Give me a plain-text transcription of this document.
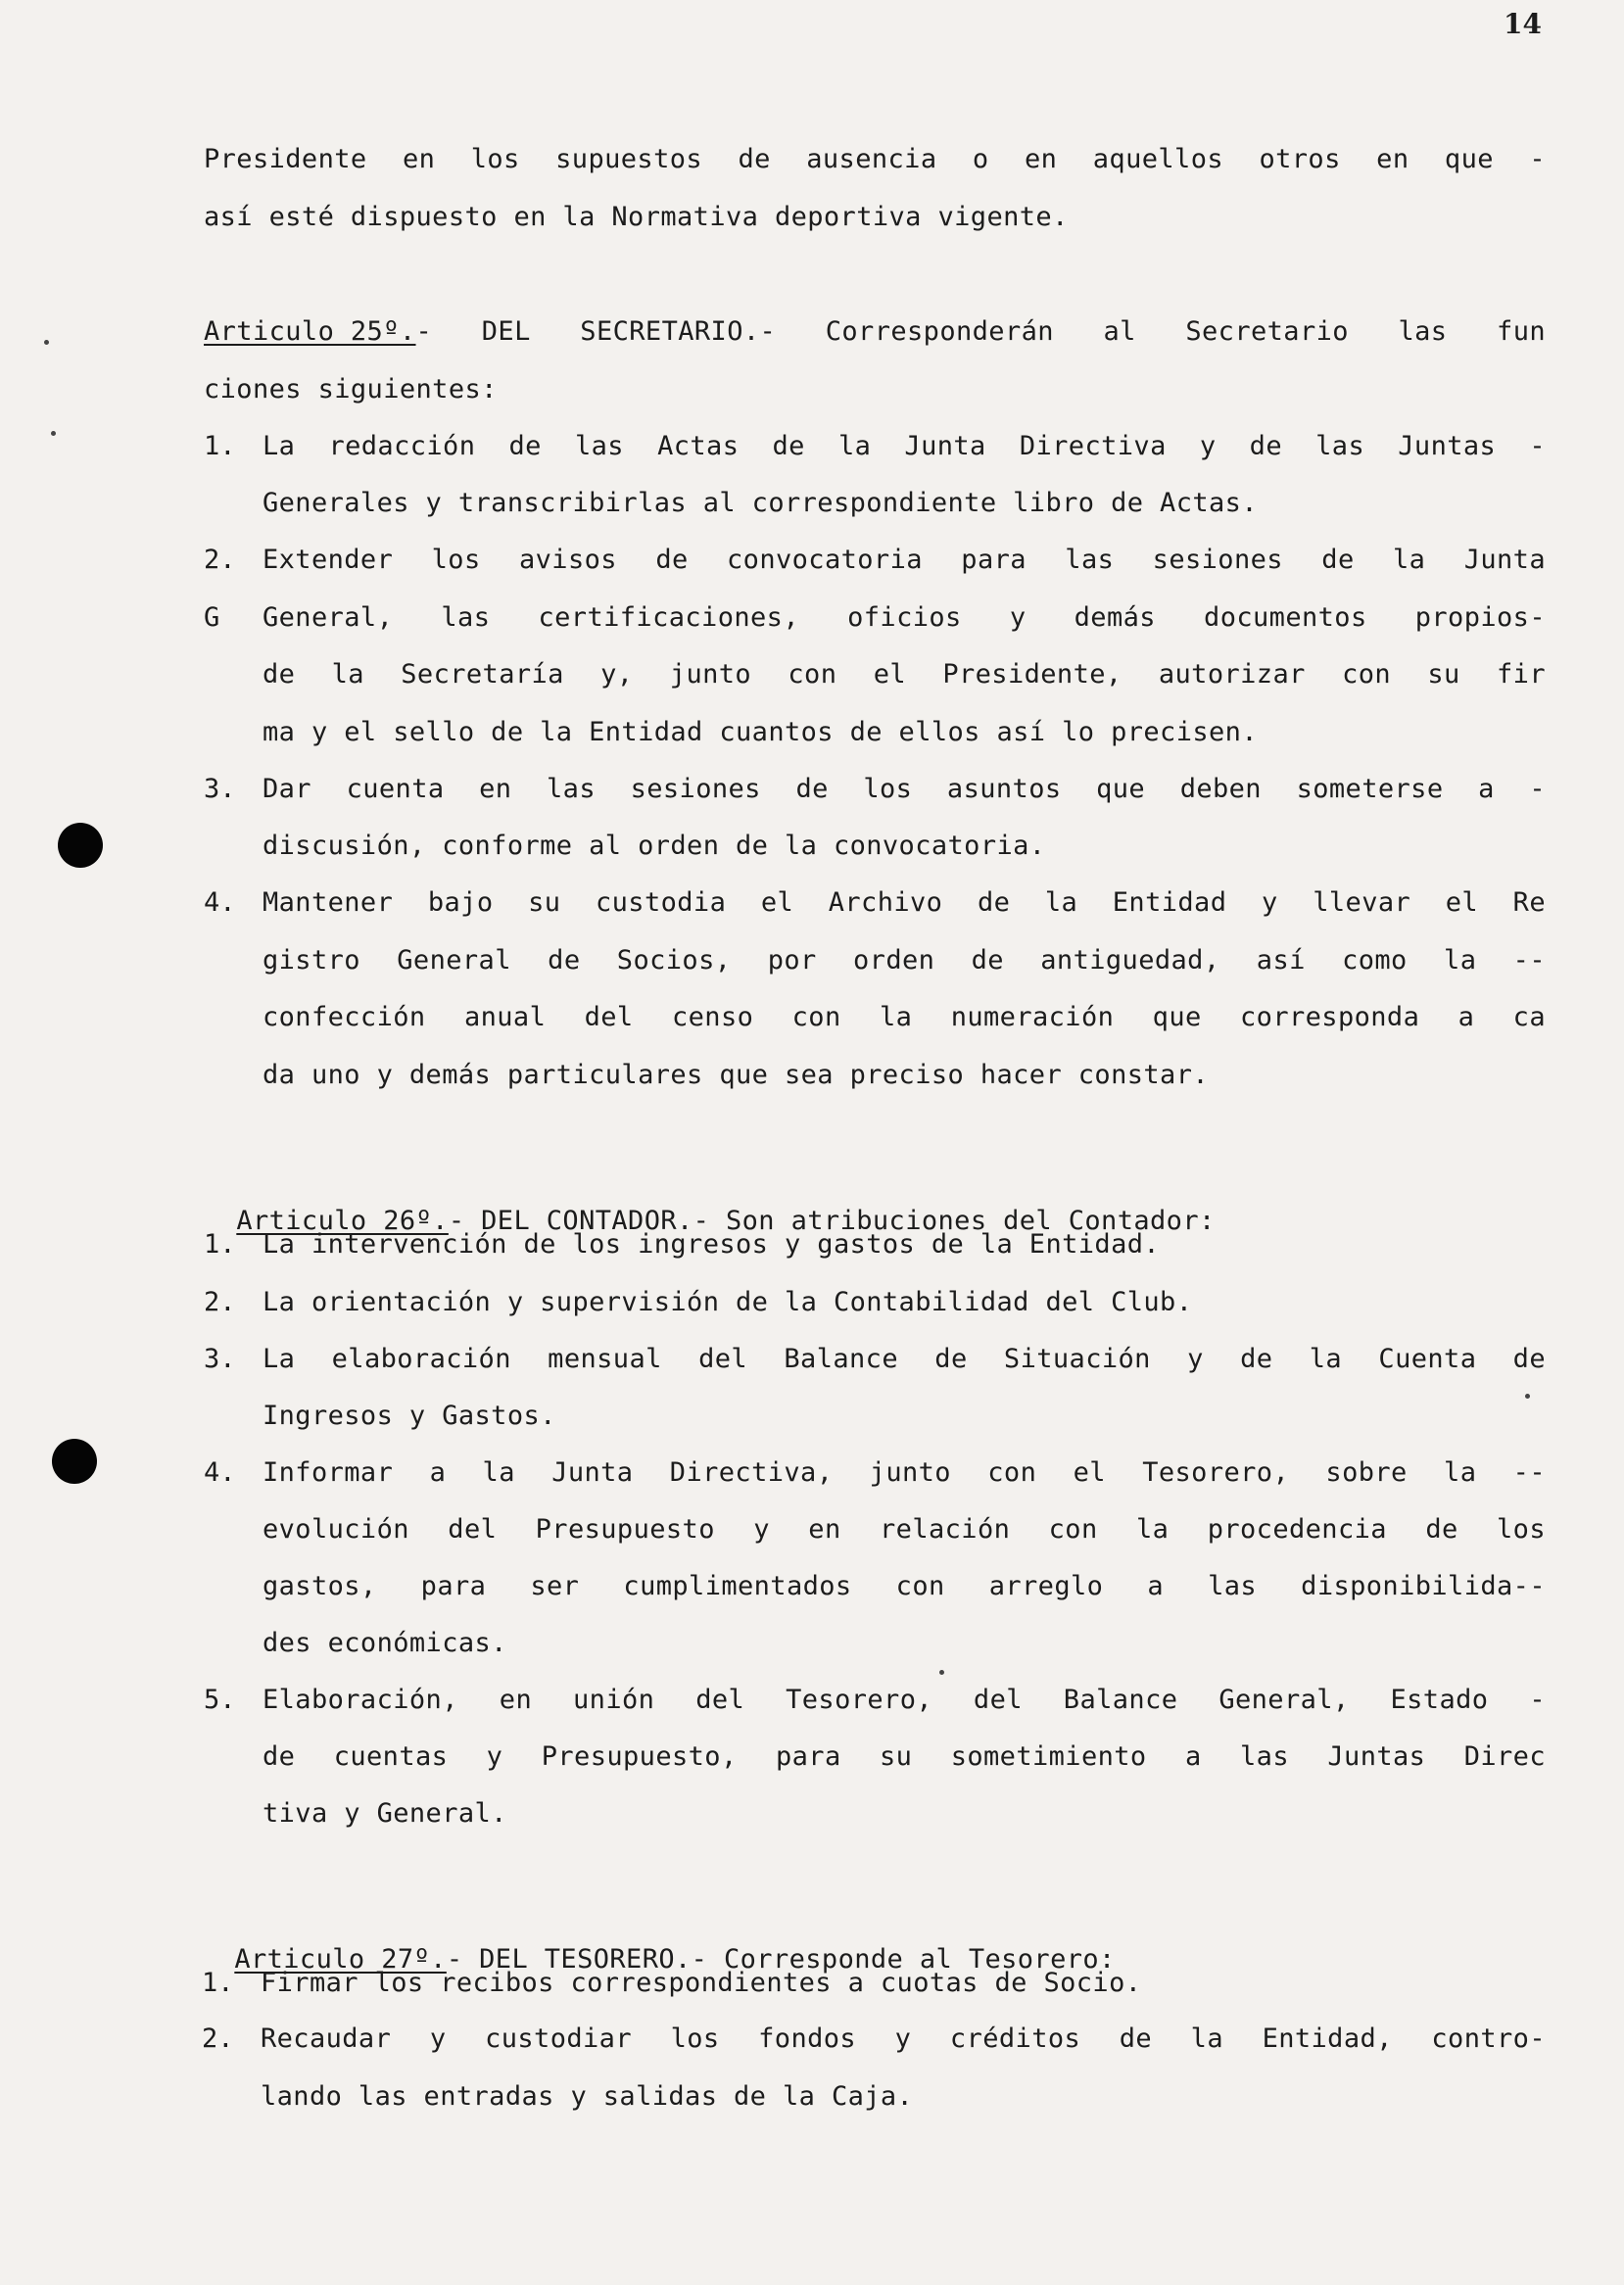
14
Presidente en los supuestos de ausencia o en aquellos otros en que -
así esté dispuesto en la Normativa deportiva vigente.
Articulo 25º. - DEL SECRETARIO.- Corresponderán al Secretario las fun
ciones siguientes:
1. La redacción de las Actas de la Junta Directiva y de las Juntas -
Generales y transcribirlas al correspondiente libro de Actas.
2. Extender los avisos de convocatoria para las sesiones de la Junta
G General, las certificaciones, oficios y demás documentos propios-
de la Secretaría y, junto con el Presidente, autorizar con su fir
ma y el sello de la Entidad cuantos de ellos así lo precisen.
3. Dar cuenta en las sesiones de los asuntos que deben someterse a -
discusión, conforme al orden de la convocatoria.
4. Mantener bajo su custodia el Archivo de la Entidad y llevar el Re
gistro General de Socios, por orden de antiguedad, así como la --
confección anual del censo con la numeración que corresponda a ca
da uno y demás particulares que sea preciso hacer constar.

Articulo 26º.- DEL CONTADOR.- Son atribuciones del Contador:

1. La intervención de los ingresos y gastos de la Entidad.
2. La orientación y supervisión de la Contabilidad del Club.
3. La elaboración mensual del Balance de Situación y de la Cuenta de
Ingresos y Gastos.
4. Informar a la Junta Directiva, junto con el Tesorero, sobre la --
evolución del Presupuesto y en relación con la procedencia de los
gastos, para ser cumplimentados con arreglo a las disponibilida--
des económicas.
5. Elaboración, en unión del Tesorero, del Balance General, Estado -
de cuentas y Presupuesto, para su sometimiento a las Juntas Direc
tiva y General.

Articulo 27º.- DEL TESORERO.- Corresponde al Tesorero:

1. Firmar los recibos correspondientes a cuotas de Socio.
2. Recaudar y custodiar los fondos y créditos de la Entidad, contro-
lando las entradas y salidas de la Caja.
